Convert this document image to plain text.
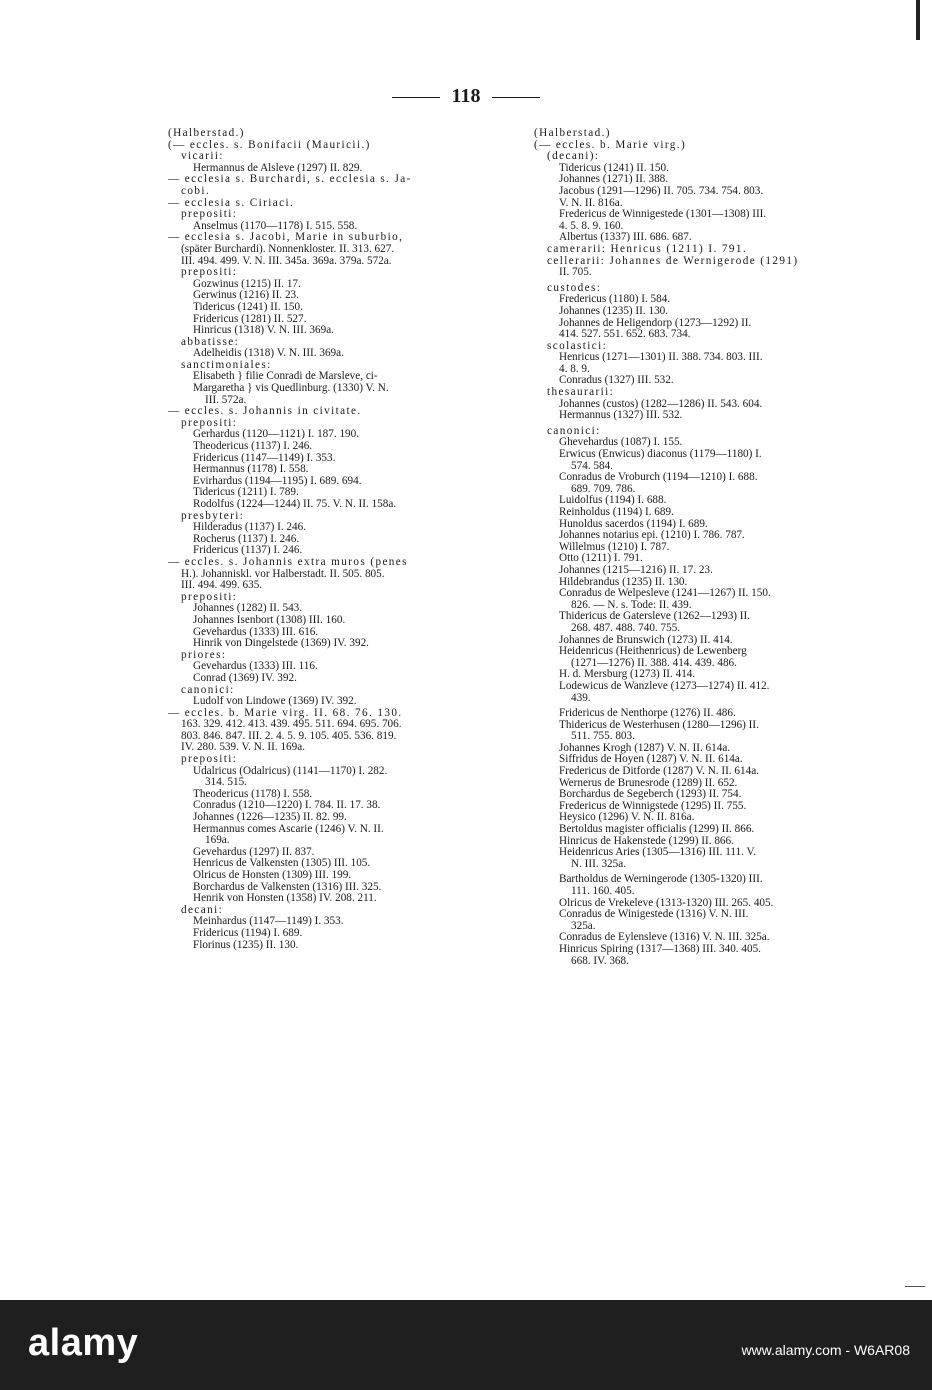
118
(Halberstad.)
(— eccles. s. Bonifacii (Mauricii.)
vicarii:
Hermannus de Alsleve (1297) II. 829.
— ecclesia s. Burchardi, s. ecclesia s. Ja-
cobi.
— ecclesia s. Ciriaci.
prepositi:
Anselmus (1170—1178) I. 515. 558.
— ecclesia s. Jacobi, Marie in suburbio,
(später Burchardi). Nonnenkloster. II. 313. 627.
III. 494. 499. V. N. III. 345a. 369a. 379a. 572a.
prepositi:
Gozwinus (1215) II. 17.
Gerwinus (1216) II. 23.
Tidericus (1241) II. 150.
Fridericus (1281) II. 527.
Hinricus (1318) V. N. III. 369a.
abbatisse:
Adelheidis (1318) V. N. III. 369a.
sanctimoniales:
Elisabeth } filie Conradi de Marsleve, ci-
Margaretha } vis Quedlinburg. (1330) V. N.
III. 572a.
— eccles. s. Johannis in civitate.
prepositi:
Gerhardus (1120—1121) I. 187. 190.
Theodericus (1137) I. 246.
Fridericus (1147—1149) I. 353.
Hermannus (1178) I. 558.
Evirhardus (1194—1195) I. 689. 694.
Tidericus (1211) I. 789.
Rodolfus (1224—1244) II. 75. V. N. II. 158a.
presbyteri:
Hilderadus (1137) I. 246.
Rocherus (1137) I. 246.
Fridericus (1137) I. 246.
— eccles. s. Johannis extra muros (penes
H.). Johanniskl. vor Halberstadt. II. 505. 805.
III. 494. 499. 635.
prepositi:
Johannes (1282) II. 543.
Johannes Isenbort (1308) III. 160.
Gevehardus (1333) III. 616.
Hinrik von Dingelstede (1369) IV. 392.
priores:
Gevehardus (1333) III. 116.
Conrad (1369) IV. 392.
canonici:
Ludolf von Lindowe (1369) IV. 392.
— eccles. b. Marie virg. II. 68. 76. 130.
163. 329. 412. 413. 439. 495. 511. 694. 695. 706.
803. 846. 847. III. 2. 4. 5. 9. 105. 405. 536. 819.
IV. 280. 539. V. N. II. 169a.
prepositi:
Udalricus (Odalricus) (1141—1170) I. 282.
314. 515.
Theodericus (1178) I. 558.
Conradus (1210—1220) I. 784. II. 17. 38.
Johannes (1226—1235) II. 82. 99.
Hermannus comes Ascarie (1246) V. N. II.
169a.
Gevehardus (1297) II. 837.
Henricus de Valkensten (1305) III. 105.
Olricus de Honsten (1309) III. 199.
Borchardus de Valkensten (1316) III. 325.
Henrik von Honsten (1358) IV. 208. 211.
decani:
Meinhardus (1147—1149) I. 353.
Fridericus (1194) I. 689.
Florinus (1235) II. 130.
(Halberstad.)
(— eccles. b. Marie virg.)
(decani):
Tidericus (1241) II. 150.
Johannes (1271) II. 388.
Jacobus (1291—1296) II. 705. 734. 754. 803.
V. N. II. 816a.
Fredericus de Winnigestede (1301—1308) III.
4. 5. 8. 9. 160.
Albertus (1337) III. 686. 687.
camerarii: Henricus (1211) I. 791.
cellerarii: Johannes de Wernigerode (1291)
II. 705.
custodes:
Fredericus (1180) I. 584.
Johannes (1235) II. 130.
Johannes de Heligendorp (1273—1292) II.
414. 527. 551. 652. 683. 734.
scolastici:
Henricus (1271—1301) II. 388. 734. 803. III.
4. 8. 9.
Conradus (1327) III. 532.
thesaurarii:
Johannes (custos) (1282—1286) II. 543. 604.
Hermannus (1327) III. 532.
canonici:
Ghevehardus (1087) I. 155.
Erwicus (Enwicus) diaconus (1179—1180) I.
574. 584.
Conradus de Vroburch (1194—1210) I. 688.
689. 709. 786.
Luidolfus (1194) I. 688.
Reinholdus (1194) I. 689.
Hunoldus sacerdos (1194) I. 689.
Johannes notarius epi. (1210) I. 786. 787.
Willelmus (1210) I. 787.
Otto (1211) I. 791.
Johannes (1215—1216) II. 17. 23.
Hildebrandus (1235) II. 130.
Conradus de Welpesleve (1241—1267) II. 150.
826. — N. s. Tode: II. 439.
Thidericus de Gatersleve (1262—1293) II.
268. 487. 488. 740. 755.
Johannes de Brunswich (1273) II. 414.
Heidenricus (Heithenricus) de Lewenberg
(1271—1276) II. 388. 414. 439. 486.
H. d. Mersburg (1273) II. 414.
Lodewicus de Wanzleve (1273—1274) II. 412.
439.
Fridericus de Nenthorpe (1276) II. 486.
Thidericus de Westerhusen (1280—1296) II.
511. 755. 803.
Johannes Krogh (1287) V. N. II. 614a.
Siffridus de Hoyen (1287) V. N. II. 614a.
Fredericus de Ditforde (1287) V. N. II. 614a.
Wernerus de Brunesrode (1289) II. 652.
Borchardus de Segeberch (1293) II. 754.
Fredericus de Winnigstede (1295) II. 755.
Heysico (1296) V. N. II. 816a.
Bertoldus magister officialis (1299) II. 866.
Hinricus de Hakenstede (1299) II. 866.
Heidenricus Aries (1305—1316) III. 111. V.
N. III. 325a.
Bartholdus de Werningerode (1305-1320) III.
111. 160. 405.
Olricus de Vrekeleve (1313-1320) III. 265. 405.
Conradus de Winigestede (1316) V. N. III.
325a.
Conradus de Eylensleve (1316) V. N. III. 325a.
Hinricus Spiring (1317—1368) III. 340. 405.
668. IV. 368.
alamy	www.alamy.com - W6AR08
